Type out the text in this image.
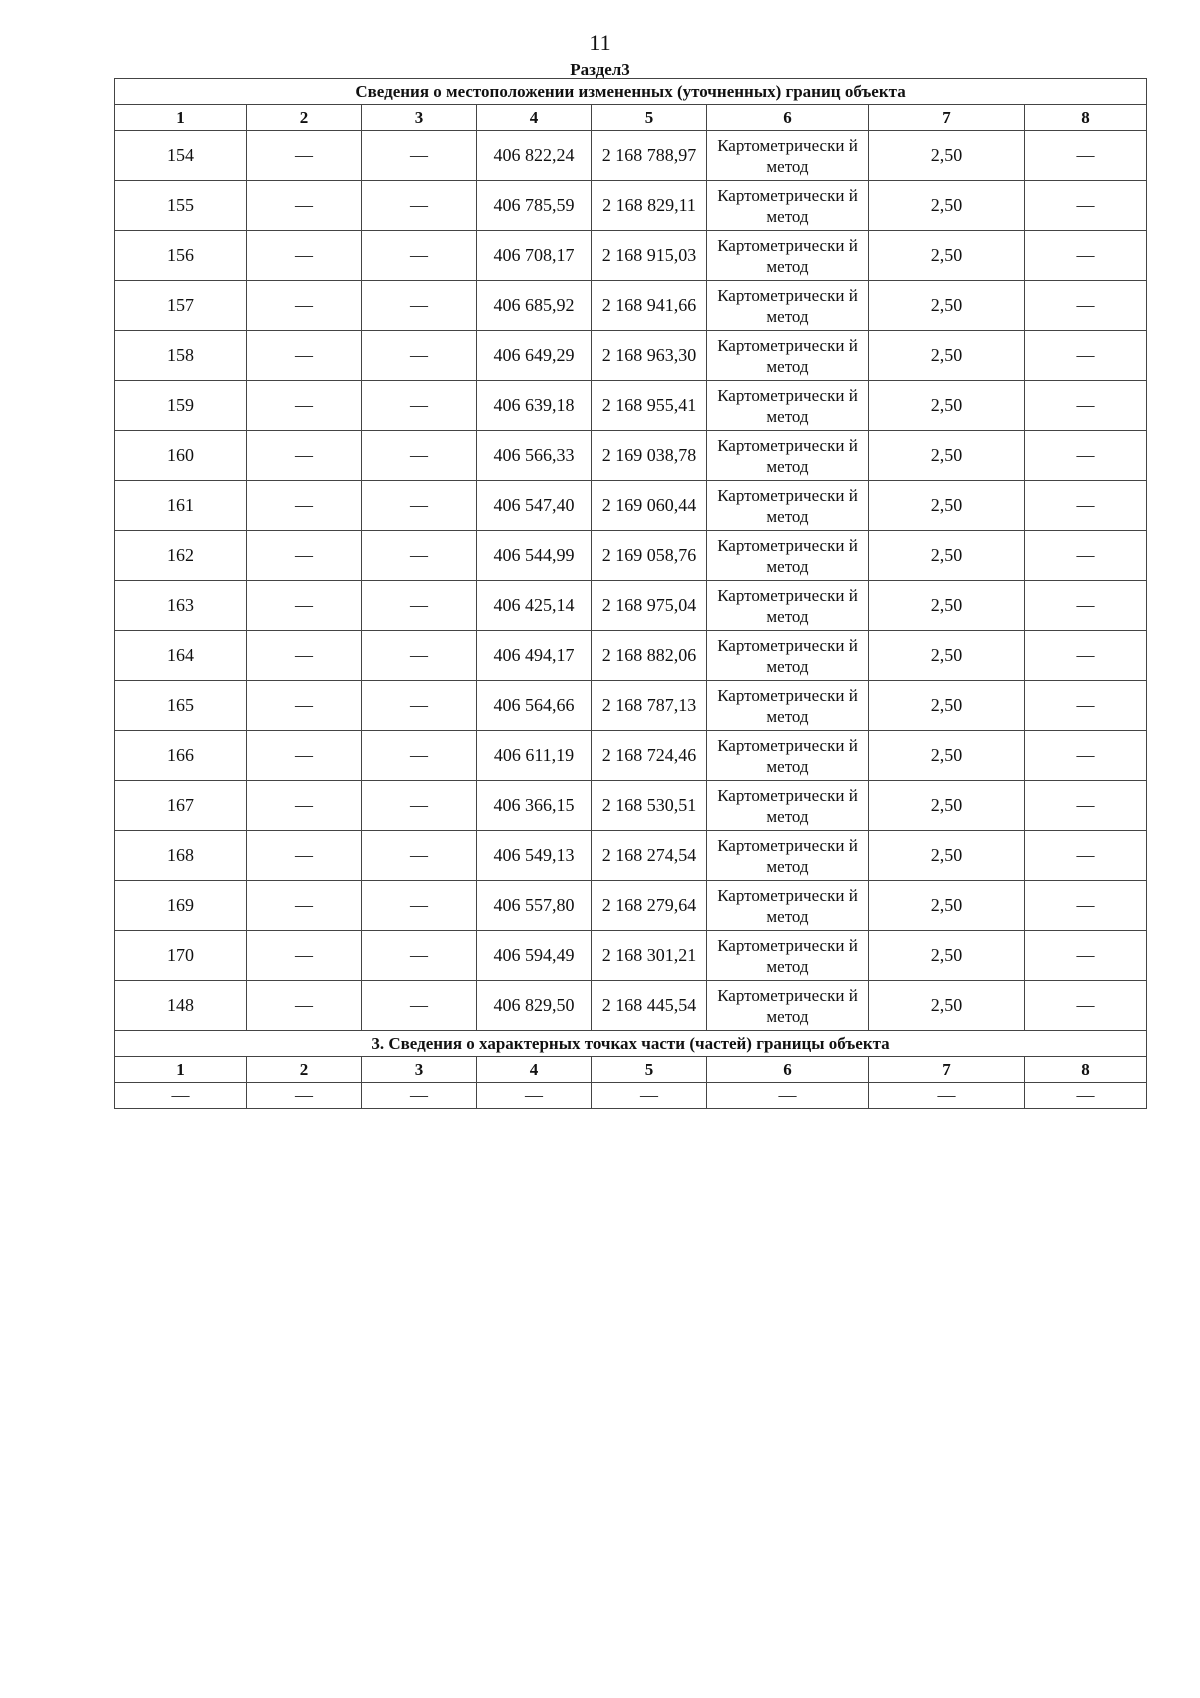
11
Раздел3
Сведения о местоположении измененных (уточненных) границ объекта							
1	2	3	4	5	6	7	8
154	—	—	406 822,24	2 168 788,97	Картометрически й метод	2,50	—
155	—	—	406 785,59	2 168 829,11	Картометрически й метод	2,50	—
156	—	—	406 708,17	2 168 915,03	Картометрически й метод	2,50	—
157	—	—	406 685,92	2 168 941,66	Картометрически й метод	2,50	—
158	—	—	406 649,29	2 168 963,30	Картометрически й метод	2,50	—
159	—	—	406 639,18	2 168 955,41	Картометрически й метод	2,50	—
160	—	—	406 566,33	2 169 038,78	Картометрически й метод	2,50	—
161	—	—	406 547,40	2 169 060,44	Картометрически й метод	2,50	—
162	—	—	406 544,99	2 169 058,76	Картометрически й метод	2,50	—
163	—	—	406 425,14	2 168 975,04	Картометрически й метод	2,50	—
164	—	—	406 494,17	2 168 882,06	Картометрически й метод	2,50	—
165	—	—	406 564,66	2 168 787,13	Картометрически й метод	2,50	—
166	—	—	406 611,19	2 168 724,46	Картометрически й метод	2,50	—
167	—	—	406 366,15	2 168 530,51	Картометрически й метод	2,50	—
168	—	—	406 549,13	2 168 274,54	Картометрически й метод	2,50	—
169	—	—	406 557,80	2 168 279,64	Картометрически й метод	2,50	—
170	—	—	406 594,49	2 168 301,21	Картометрически й метод	2,50	—
148	—	—	406 829,50	2 168 445,54	Картометрически й метод	2,50	—
3. Сведения о характерных точках части (частей) границы объекта							
1	2	3	4	5	6	7	8
—	—	—	—	—	—	—	—
